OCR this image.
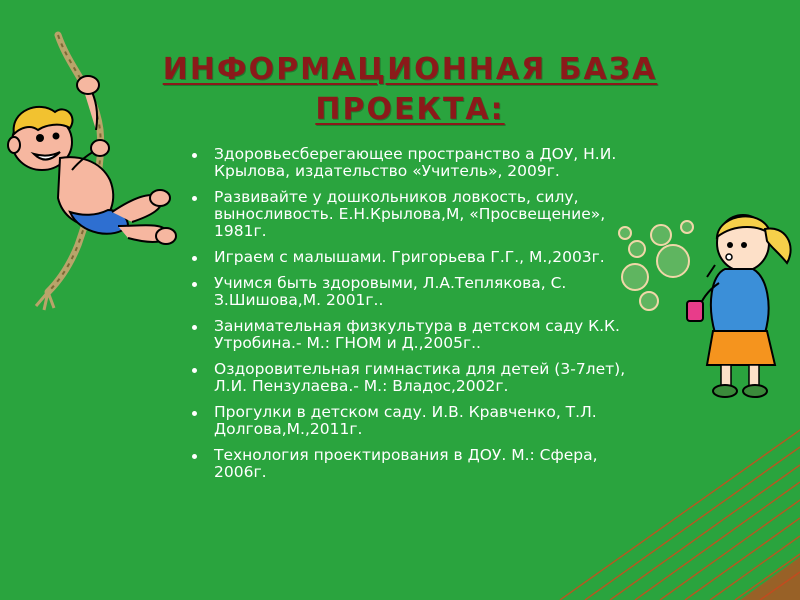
ИНФОРМАЦИОННАЯ БАЗА
ПРОЕКТА:
Здоровьесберегающее пространство а ДОУ, Н.И. Крылова, издательство «Учитель», 2009г.
Развивайте у дошкольников ловкость, силу, выносливость. Е.Н.Крылова,М, «Просвещение», 1981г.
Играем с малышами. Григорьева Г.Г., М.,2003г.
Учимся быть здоровыми, Л.А.Теплякова, С. З.Шишова,М. 2001г..
Занимательная физкультура в детском саду К.К. Утробина.- М.: ГНОМ и Д.,2005г..
Оздоровительная гимнастика для детей (3-7лет), Л.И. Пензулаева.- М.: Владос,2002г.
Прогулки в детском саду. И.В. Кравченко, Т.Л. Долгова,М.,2011г.
Технология проектирования в ДОУ. М.: Сфера, 2006г.
